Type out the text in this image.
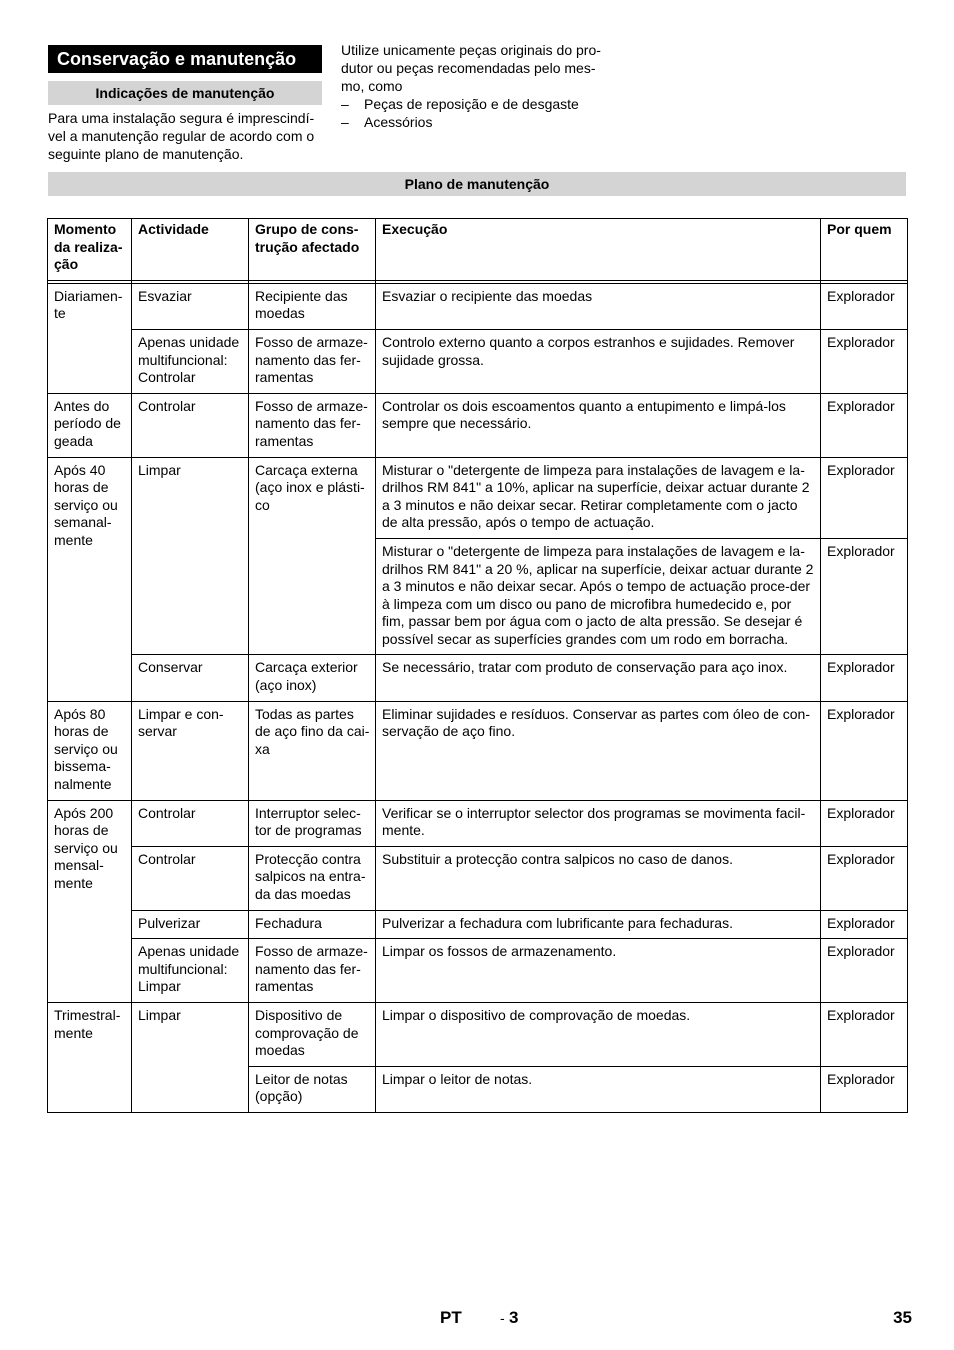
Conservação e manutenção
Indicações de manutenção
Para uma instalação segura é imprescindí-vel a manutenção regular de acordo com o seguinte plano de manutenção.
Utilize unicamente peças originais do pro-dutor ou peças recomendadas pelo mes-mo, como
– Peças de reposição e de desgaste
– Acessórios
Plano de manutenção
Momento da realiza-ção	Actividade	Grupo de cons-trução afectado	Execução	Por quem

Diariamen-te	Esvaziar	Recipiente das moedas	Esvaziar o recipiente das moedas	Explorador
	Apenas unidade multifuncional: Controlar	Fosso de armaze-namento das fer-ramentas	Controlo externo quanto a corpos estranhos e sujidades. Remover sujidade grossa.	Explorador
Antes do período de geada	Controlar	Fosso de armaze-namento das fer-ramentas	Controlar os dois escoamentos quanto a entupimento e limpá-los sempre que necessário.	Explorador
Após 40 horas de serviço ou semanal-mente	Limpar	Carcaça externa (aço inox e plásti-co	Misturar o "detergente de limpeza para instalações de lavagem e la-drilhos RM 841" a 10%, aplicar na superfície, deixar actuar durante 2 a 3 minutos e não deixar secar. Retirar completamente com o jacto de alta pressão, após o tempo de actuação.	Explorador
			Misturar o "detergente de limpeza para instalações de lavagem e la-drilhos RM 841" a 20 %, aplicar na superfície, deixar actuar durante 2 a 3 minutos e não deixar secar. Após o tempo de actuação proce-der à limpeza com um disco ou pano de microfibra humedecido e, por fim, passar bem por água com o jacto de alta pressão. Se desejar é possível secar as superfícies grandes com um rodo em borracha.	Explorador
	Conservar	Carcaça exterior (aço inox)	Se necessário, tratar com produto de conservação para aço inox.	Explorador
Após 80 horas de serviço ou bissema-nalmente	Limpar e con-servar	Todas as partes de aço fino da cai-xa	Eliminar sujidades e resíduos. Conservar as partes com óleo de con-servação de aço fino.	Explorador
Após 200 horas de serviço ou mensal-mente	Controlar	Interruptor selec-tor de programas	Verificar se o interruptor selector dos programas se movimenta facil-mente.	Explorador
	Controlar	Protecção contra salpicos na entra-da das moedas	Substituir a protecção contra salpicos no caso de danos.	Explorador
	Pulverizar	Fechadura	Pulverizar a fechadura com lubrificante para fechaduras.	Explorador
	Apenas unidade multifuncional: Limpar	Fosso de armaze-namento das fer-ramentas	Limpar os fossos de armazenamento.	Explorador
Trimestral-mente	Limpar	Dispositivo de comprovação de moedas	Limpar o dispositivo de comprovação de moedas.	Explorador
		Leitor de notas (opção)	Limpar o leitor de notas.	Explorador
PT	- 3	35
